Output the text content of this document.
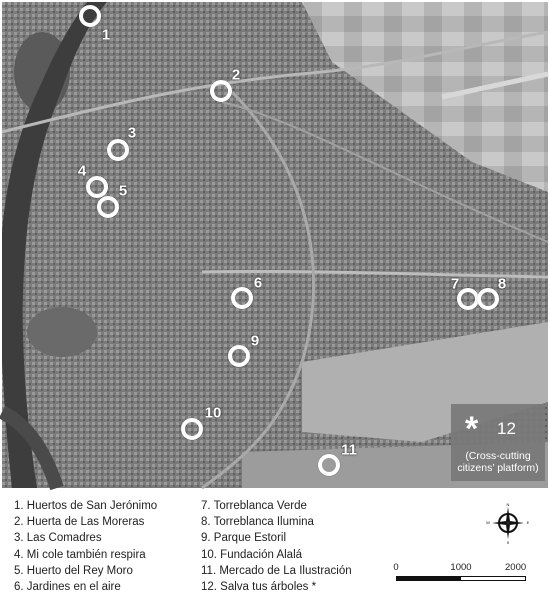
1
2
3
4
5
6	7	8
9
10
11
* 12
(Cross-cutting
citizens’ platform)
1. Huertos de San Jerónimo
2. Huerta de Las Moreras
3. Las Comadres
4. Mi cole también respira
5. Huerto del Rey Moro
6. Jardines en el aire
7. Torreblanca Verde
8. Torreblanca Ilumina
9. Parque Estoril
10. Fundación Alalá
11. Mercado de La Ilustración
12. Salva tus árboles *
N
S
W	E
0	1000	2000
